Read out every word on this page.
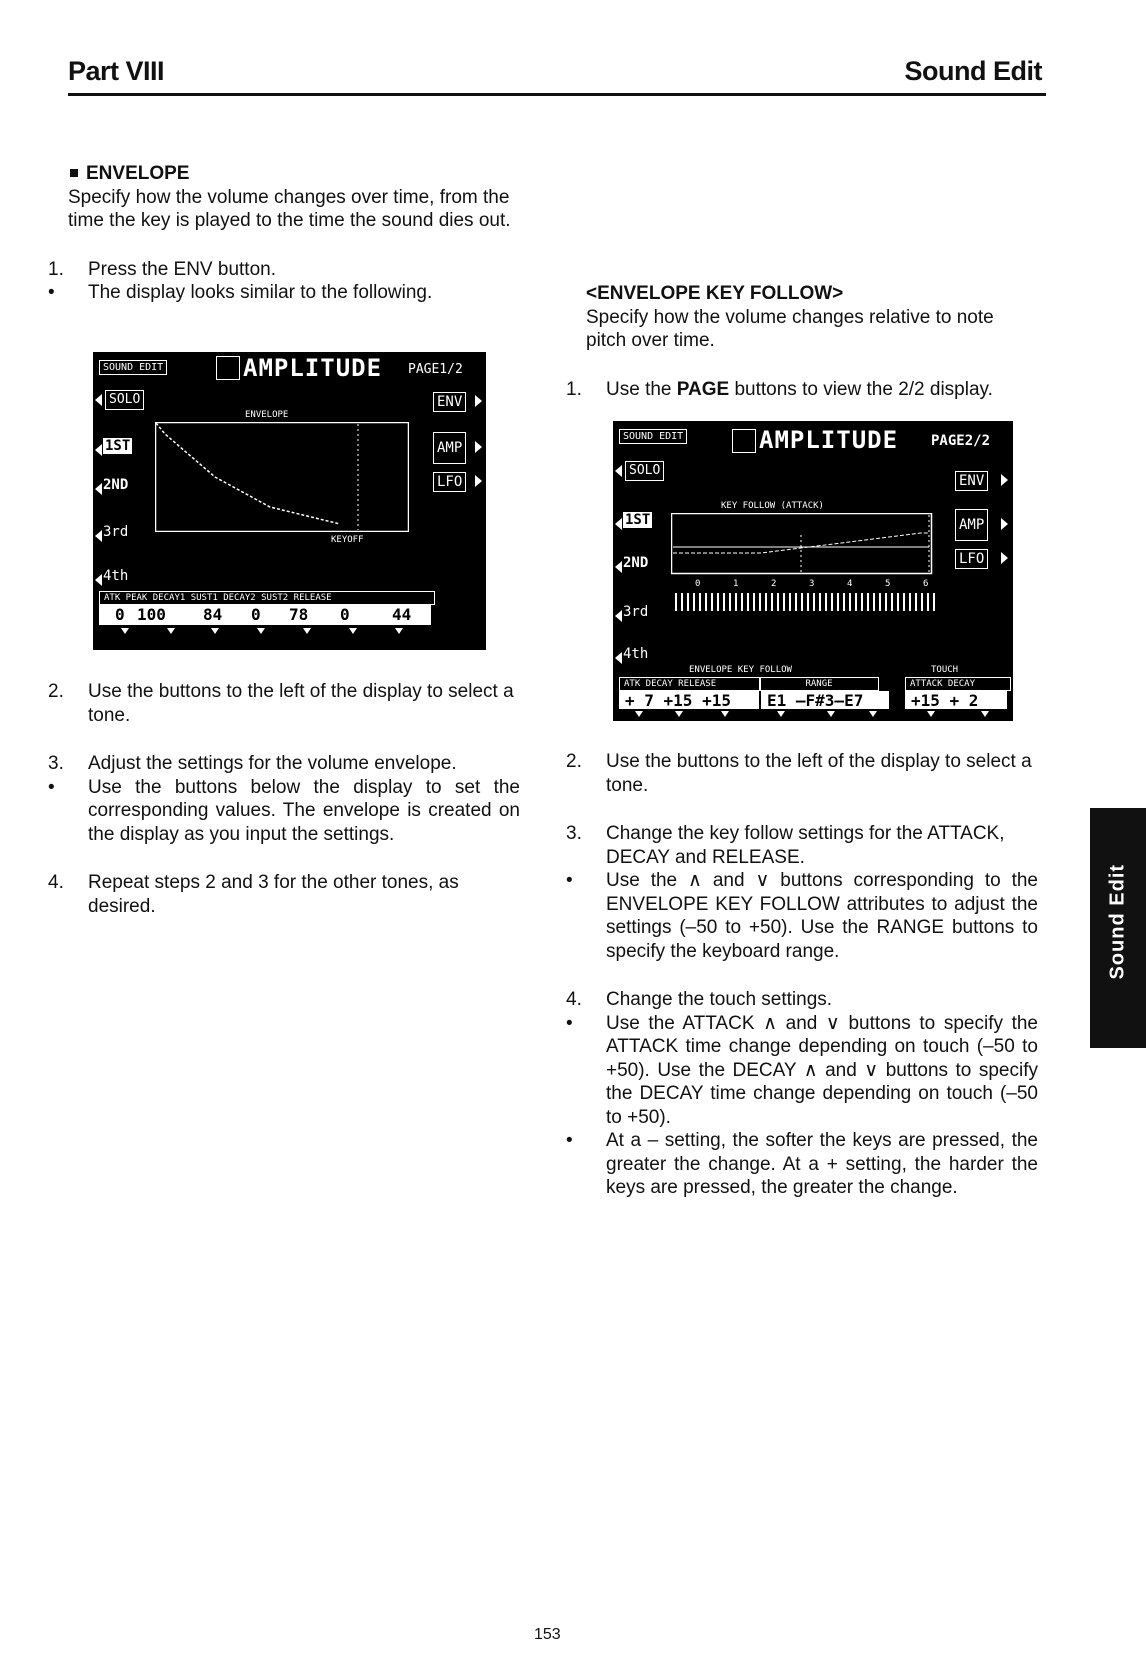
Part VIII	Sound Edit
ENVELOPE
Specify how the volume changes over time, from the time the key is played to the time the sound dies out.
1. Press the ENV button.
• The display looks similar to the following.
SOUND EDIT	AMPLITUDE PAGE1/2
SOLO
ENVELOPE
KEYOFF
1ST
2ND
3rd
4th
ENV
AMP
LFO
ATK PEAK DECAY1 SUST1 DECAY2 SUST2 RELEASE
0 100 84 0 78 0	44
2. Use the buttons to the left of the display to select a tone.
3. Adjust the settings for the volume envelope.
• Use the buttons below the display to set the corresponding values. The envelope is created on the display as you input the settings.
4. Repeat steps 2 and 3 for the other tones, as desired.
<ENVELOPE KEY FOLLOW>
Specify how the volume changes relative to note pitch over time.
1. Use the PAGE buttons to view the 2/2 display.
SOUND EDIT	AMPLITUDE PAGE2/2
SOLO
KEY FOLLOW (ATTACK)
0	1	2	3	4	5	6
1ST
2ND
3rd
4th
ENV
AMP
LFO
ENVELOPE KEY FOLLOW	TOUCH
ATK DECAY RELEASE	RANGE	ATTACK DECAY
+ 7 +15 +15	E1 —F#3—E7	+15 + 2
2. Use the buttons to the left of the display to select a tone.
3. Change the key follow settings for the ATTACK, DECAY and RELEASE.
• Use the ∧ and ∨ buttons corresponding to the ENVELOPE KEY FOLLOW attributes to adjust the settings (–50 to +50). Use the RANGE buttons to specify the keyboard range.
4. Change the touch settings.
• Use the ATTACK ∧ and ∨ buttons to specify the ATTACK time change depending on touch (–50 to +50). Use the DECAY ∧ and ∨ buttons to specify the DECAY time change depending on touch (–50 to +50).
• At a – setting, the softer the keys are pressed, the greater the change. At a + setting, the harder the keys are pressed, the greater the change.
Sound Edit
153
